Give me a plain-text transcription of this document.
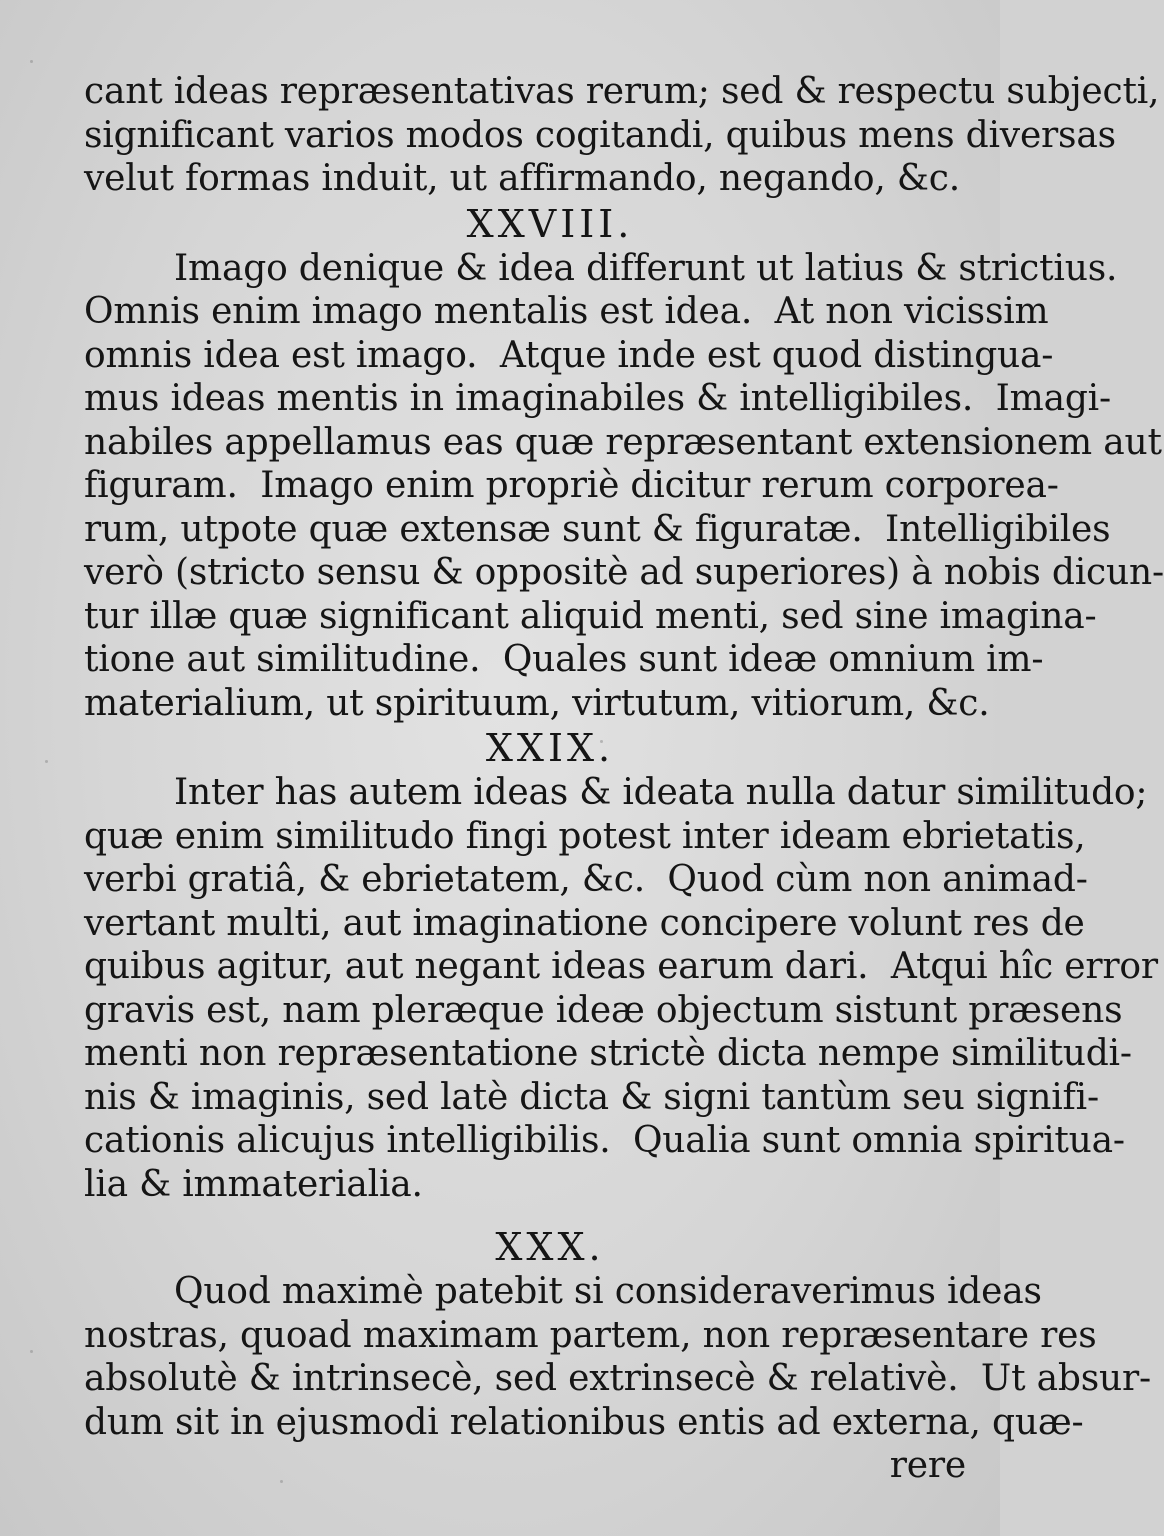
cant ideas repræsentativas rerum; sed & respectu subjecti,
significant varios modos cogitandi, quibus mens diversas
velut formas induit, ut affirmando, negando, &c.
XXVIII.
Imago denique & idea differunt ut latius & strictius.
Omnis enim imago mentalis est idea.  At non vicissim
omnis idea est imago.  Atque inde est quod distingua-
mus ideas mentis in imaginabiles & intelligibiles.  Imagi-
nabiles appellamus eas quæ repræsentant extensionem aut
figuram.  Imago enim propriè dicitur rerum corporea-
rum, utpote quæ extensæ sunt & figuratæ.  Intelligibiles
verò (stricto sensu & oppositè ad superiores) à nobis dicun-
tur illæ quæ significant aliquid menti, sed sine imagina-
tione aut similitudine.  Quales sunt ideæ omnium im-
materialium, ut spirituum, virtutum, vitiorum, &c.
XXIX.
Inter has autem ideas & ideata nulla datur similitudo;
quæ enim similitudo fingi potest inter ideam ebrietatis,
verbi gratiâ, & ebrietatem, &c.  Quod cùm non animad-
vertant multi, aut imaginatione concipere volunt res de
quibus agitur, aut negant ideas earum dari.  Atqui hîc error
gravis est, nam pleræque ideæ objectum sistunt præsens
menti non repræsentatione strictè dicta nempe similitudi-
nis & imaginis, sed latè dicta & signi tantùm seu signifi-
cationis alicujus intelligibilis.  Qualia sunt omnia spiritua-
lia & immaterialia.
XXX.
Quod maximè patebit si consideraverimus ideas
nostras, quoad maximam partem, non repræsentare res
absolutè & intrinsecè, sed extrinsecè & relativè.  Ut absur-
dum sit in ejusmodi relationibus entis ad externa, quæ-
rere
